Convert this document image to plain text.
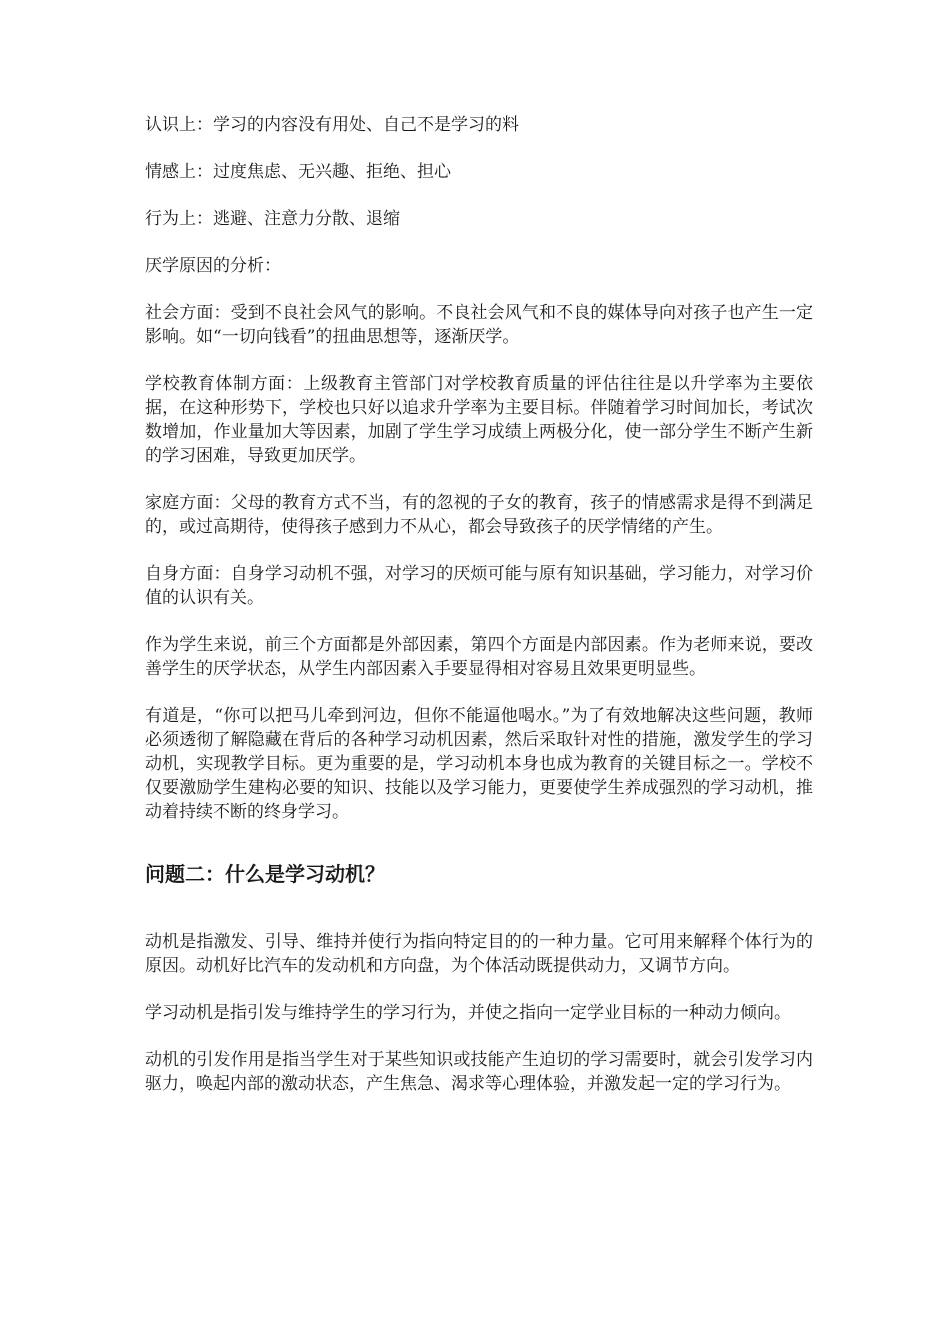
认识上：学习的内容没有用处、自己不是学习的料

情感上：过度焦虑、无兴趣、拒绝、担心

行为上：逃避、注意力分散、退缩

厌学原因的分析：

社会方面：受到不良社会风气的影响。不良社会风气和不良的媒体导向对孩子也产生一定影响。如“一切向钱看”的扭曲思想等，逐渐厌学。

学校教育体制方面：上级教育主管部门对学校教育质量的评估往往是以升学率为主要依据，在这种形势下，学校也只好以追求升学率为主要目标。伴随着学习时间加长，考试次数增加，作业量加大等因素，加剧了学生学习成绩上两极分化，使一部分学生不断产生新的学习困难，导致更加厌学。

家庭方面：父母的教育方式不当，有的忽视的子女的教育，孩子的情感需求是得不到满足的，或过高期待，使得孩子感到力不从心，都会导致孩子的厌学情绪的产生。

自身方面：自身学习动机不强，对学习的厌烦可能与原有知识基础，学习能力，对学习价值的认识有关。

作为学生来说，前三个方面都是外部因素，第四个方面是内部因素。作为老师来说，要改善学生的厌学状态，从学生内部因素入手要显得相对容易且效果更明显些。

有道是，“你可以把马儿牵到河边，但你不能逼他喝水。”为了有效地解决这些问题，教师必须透彻了解隐藏在背后的各种学习动机因素，然后采取针对性的措施，激发学生的学习动机，实现教学目标。更为重要的是，学习动机本身也成为教育的关键目标之一。学校不仅要激励学生建构必要的知识、技能以及学习能力，更要使学生养成强烈的学习动机，推动着持续不断的终身学习。

问题二：什么是学习动机？

动机是指激发、引导、维持并使行为指向特定目的的一种力量。它可用来解释个体行为的原因。动机好比汽车的发动机和方向盘，为个体活动既提供动力，又调节方向。

学习动机是指引发与维持学生的学习行为，并使之指向一定学业目标的一种动力倾向。

动机的引发作用是指当学生对于某些知识或技能产生迫切的学习需要时，就会引发学习内驱力，唤起内部的激动状态，产生焦急、渴求等心理体验，并激发起一定的学习行为。
